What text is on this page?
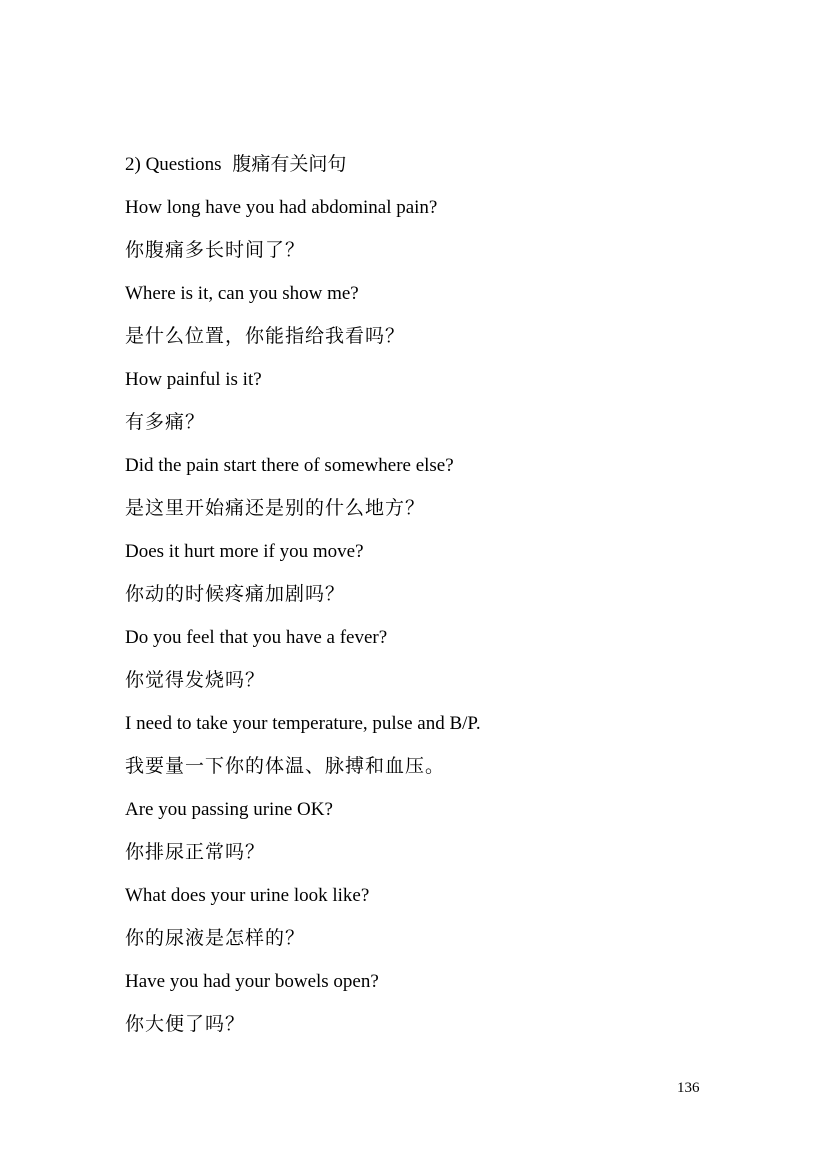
2) Questions 腹痛有关问句
How long have you had abdominal pain?
你腹痛多长时间了？
Where is it, can you show me?
是什么位置，你能指给我看吗？
How painful is it?
有多痛？
Did the pain start there of somewhere else?
是这里开始痛还是别的什么地方？
Does it hurt more if you move?
你动的时候疼痛加剧吗？
Do you feel that you have a fever?
你觉得发烧吗？
I need to take your temperature, pulse and B/P.
我要量一下你的体温、脉搏和血压。
Are you passing urine OK?
你排尿正常吗？
What does your urine look like?
你的尿液是怎样的？
Have you had your bowels open?
你大便了吗？
136
